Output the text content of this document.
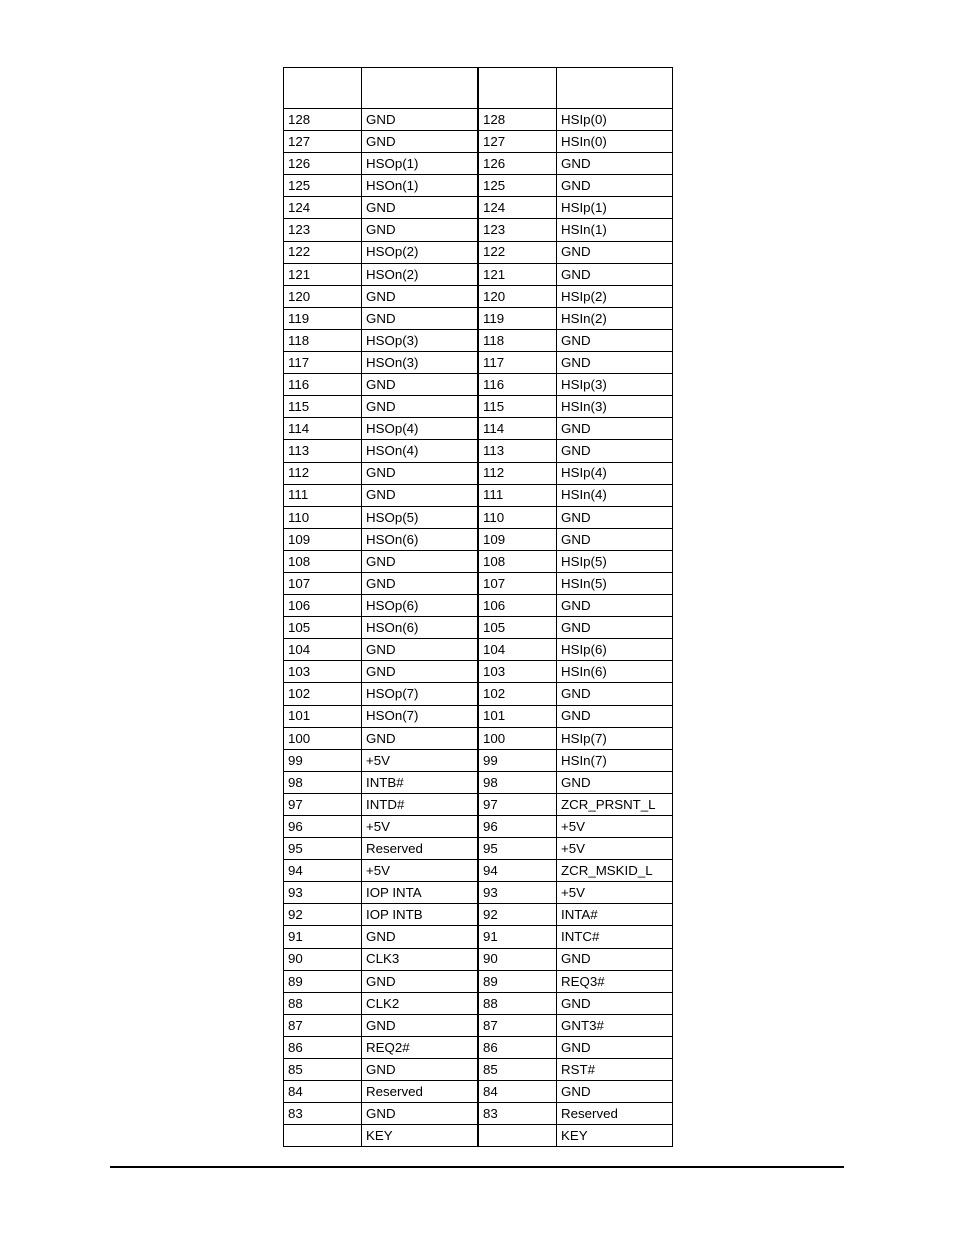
128	GND	128	HSIp(0)
127	GND	127	HSIn(0)
126	HSOp(1)	126	GND
125	HSOn(1)	125	GND
124	GND	124	HSIp(1)
123	GND	123	HSIn(1)
122	HSOp(2)	122	GND
121	HSOn(2)	121	GND
120	GND	120	HSIp(2)
119	GND	119	HSIn(2)
118	HSOp(3)	118	GND
117	HSOn(3)	117	GND
116	GND	116	HSIp(3)
115	GND	115	HSIn(3)
114	HSOp(4)	114	GND
113	HSOn(4)	113	GND
112	GND	112	HSIp(4)
111	GND	111	HSIn(4)
110	HSOp(5)	110	GND
109	HSOn(6)	109	GND
108	GND	108	HSIp(5)
107	GND	107	HSIn(5)
106	HSOp(6)	106	GND
105	HSOn(6)	105	GND
104	GND	104	HSIp(6)
103	GND	103	HSIn(6)
102	HSOp(7)	102	GND
101	HSOn(7)	101	GND
100	GND	100	HSIp(7)
99	+5V	99	HSIn(7)
98	INTB#	98	GND
97	INTD#	97	ZCR_PRSNT_L
96	+5V	96	+5V
95	Reserved	95	+5V
94	+5V	94	ZCR_MSKID_L
93	IOP INTA	93	+5V
92	IOP INTB	92	INTA#
91	GND	91	INTC#
90	CLK3	90	GND
89	GND	89	REQ3#
88	CLK2	88	GND
87	GND	87	GNT3#
86	REQ2#	86	GND
85	GND	85	RST#
84	Reserved	84	GND
83	GND	83	Reserved
	KEY		KEY
